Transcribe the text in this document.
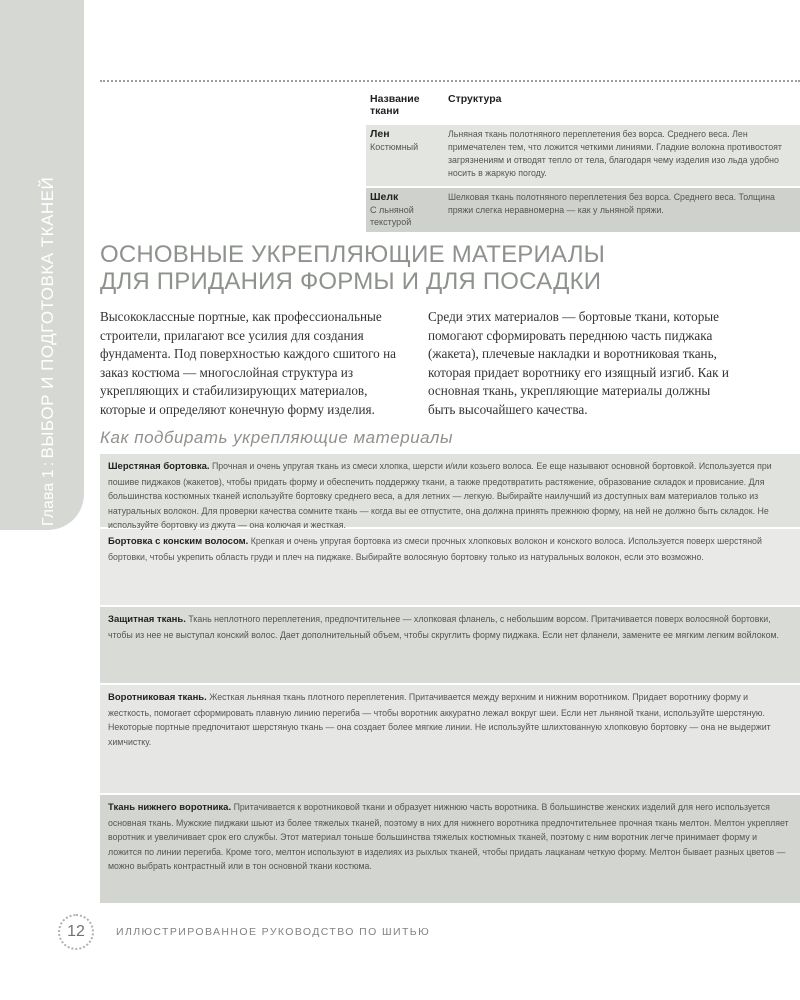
Глава 1:ВЫБОР И ПОДГОТОВКА ТКАНЕЙ
Название ткани	Структура

Лен
Костюмный	Льняная ткань полотняного переплетения без ворса. Среднего веса. Лен примечателен тем, что ложится четкими линиями. Гладкие волокна противостоят загрязнениям и отводят тепло от тела, благодаря чему изделия изо льда удобно носить в жаркую погоду.

Шелк
С льняной текстурой	Шелковая ткань полотняного переплетения без ворса. Среднего веса. Толщина пряжи слегка неравномерна — как у льняной пряжи.
ОСНОВНЫЕ УКРЕПЛЯЮЩИЕ МАТЕРИАЛЫ
ДЛЯ ПРИДАНИЯ ФОРМЫ И ДЛЯ ПОСАДКИ

Высококлассные портные, как профессиональные строители, прилагают все усилия для создания фундамента. Под поверхностью каждого сшитого на заказ костюма — многослойная структура из укрепляющих и стабилизирующих материалов, которые и определяют конечную форму изделия.

Среди этих материалов — бортовые ткани, которые помогают сформировать переднюю часть пиджака (жакета), плечевые накладки и воротниковая ткань, которая придает воротнику его изящный изгиб. Как и основная ткань, укрепляющие материалы должны быть высочайшего качества.

Как подбирать укрепляющие материалы
Шерстяная бортовка. Прочная и очень упругая ткань из смеси хлопка, шерсти и/или козьего волоса. Ее еще называют основной бортовкой. Используется при пошиве пиджаков (жакетов), чтобы придать форму и обеспечить поддержку ткани, а также предотвратить растяжение, образование складок и провисание. Для большинства костюмных тканей используйте бортовку среднего веса, а для летних — легкую. Выбирайте наилучший из доступных вам материалов только из натуральных волокон. Для проверки качества сомните ткань — когда вы ее отпустите, она должна принять прежнюю форму, на ней не должно быть складок. Не используйте бортовку из джута — она колючая и жесткая.
Бортовка с конским волосом. Крепкая и очень упругая бортовка из смеси прочных хлопковых волокон и конского волоса. Используется поверх шерстяной бортовки, чтобы укрепить область груди и плеч на пиджаке. Выбирайте волосяную бортовку только из натуральных волокон, если это возможно.
Защитная ткань. Ткань неплотного переплетения, предпочтительнее — хлопковая фланель, с небольшим ворсом. Притачивается поверх волосяной бортовки, чтобы из нее не выступал конский волос. Дает дополнительный объем, чтобы скруглить форму пиджака. Если нет фланели, замените ее мягким легким войлоком.
Воротниковая ткань. Жесткая льняная ткань плотного переплетения. Притачивается между верхним и нижним воротником. Придает воротнику форму и жесткость, помогает сформировать плавную линию перегиба — чтобы воротник аккуратно лежал вокруг шеи. Если нет льняной ткани, используйте шерстяную. Некоторые портные предпочитают шерстяную ткань — она создает более мягкие линии. Не используйте шлихтованную хлопковую бортовку — она не выдержит химчистку.
Ткань нижнего воротника. Притачивается к воротниковой ткани и образует нижнюю часть воротника. В большинстве женских изделий для него используется основная ткань. Мужские пиджаки шьют из более тяжелых тканей, поэтому в них для нижнего воротника предпочтительнее прочная ткань мелтон. Мелтон укрепляет воротник и увеличивает срок его службы. Этот материал тоньше большинства тяжелых костюмных тканей, поэтому с ним воротник легче принимает форму и ложится по линии перегиба. Кроме того, мелтон используют в изделиях из рыхлых тканей, чтобы придать лацканам четкую форму. Мелтон бывает разных цветов — можно выбрать контрастный или в тон основной ткани костюма.
12	ИЛЛЮСТРИРОВАННОЕ РУКОВОДСТВО ПО ШИТЬЮ
